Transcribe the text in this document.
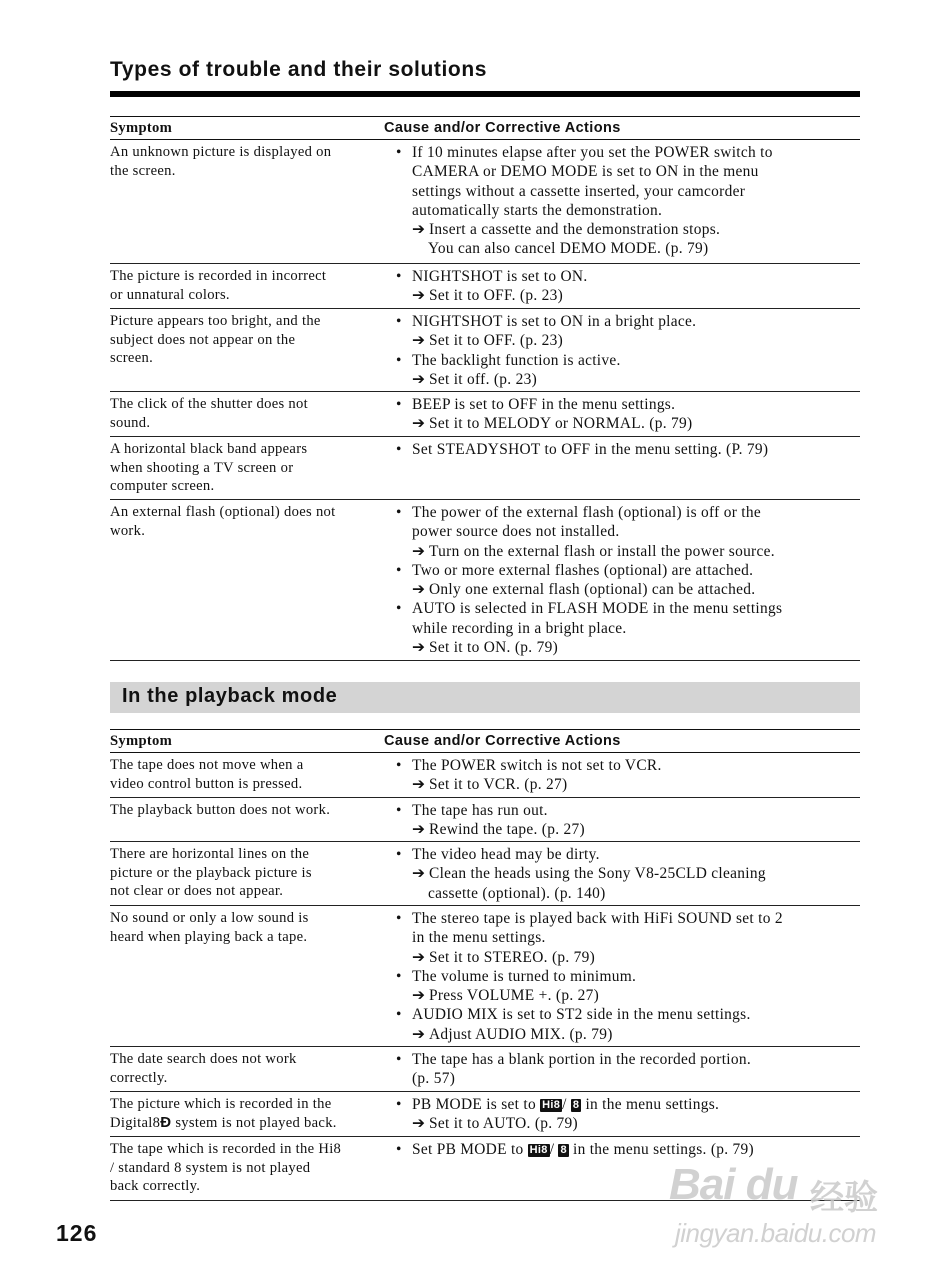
Types of trouble and their solutions
Symptom	Cause and/or Corrective Actions
An unknown picture is displayed on
the screen.
• If 10 minutes elapse after you set the POWER switch to
CAMERA or DEMO MODE is set to ON in the menu
settings without a cassette inserted, your camcorder
automatically starts the demonstration.
➔ Insert a cassette and the demonstration stops.
You can also cancel DEMO MODE. (p. 79)
The picture is recorded in incorrect
or unnatural colors.
• NIGHTSHOT is set to ON.
➔ Set it to OFF. (p. 23)
Picture appears too bright, and the
subject does not appear on the
screen.
• NIGHTSHOT is set to ON in a bright place.
➔ Set it to OFF. (p. 23)
• The backlight function is active.
➔ Set it off. (p. 23)
The click of the shutter does not
sound.
• BEEP is set to OFF in the menu settings.
➔ Set it to MELODY or NORMAL. (p. 79)
A horizontal black band appears
when shooting a TV screen or
computer screen.
• Set STEADYSHOT to OFF in the menu setting. (P. 79)
An external flash (optional) does not
work.
• The power of the external flash (optional) is off or the
power source does not installed.
➔ Turn on the external flash or install the power source.
• Two or more external flashes (optional) are attached.
➔ Only one external flash (optional) can be attached.
• AUTO is selected in FLASH MODE in the menu settings
while recording in a bright place.
➔ Set it to ON. (p. 79)
In the playback mode
Symptom	Cause and/or Corrective Actions
The tape does not move when a
video control button is pressed.
• The POWER switch is not set to VCR.
➔ Set it to VCR. (p. 27)
The playback button does not work.
•	The tape has run out.
➔ Rewind the tape. (p. 27)
There are horizontal lines on the
picture or the playback picture is
not clear or does not appear.
• The video head may be dirty.
➔ Clean the heads using the Sony V8-25CLD cleaning
cassette (optional). (p. 140)
No sound or only a low sound is
heard when playing back a tape.
• The stereo tape is played back with HiFi SOUND set to 2
in the menu settings.
➔ Set it to STEREO. (p. 79)
• The volume is turned to minimum.
➔ Press VOLUME +. (p. 27)
• AUDIO MIX is set to ST2 side in the menu settings.
➔ Adjust AUDIO MIX. (p. 79)
The date search does not work
correctly.
• The tape has a blank portion in the recorded portion.
(p. 57)
The picture which is recorded in the
Digital8Ð system is not played back.
• PB MODE is set to Hi8 / 8 in the menu settings.
➔ Set it to AUTO. (p. 79)
The tape which is recorded in the Hi8
/ standard 8 system is not played
back correctly.
• Set PB MODE to Hi8 / 8 in the menu settings. (p. 79)
126
Bai du 经验
jingyan.baidu.com
